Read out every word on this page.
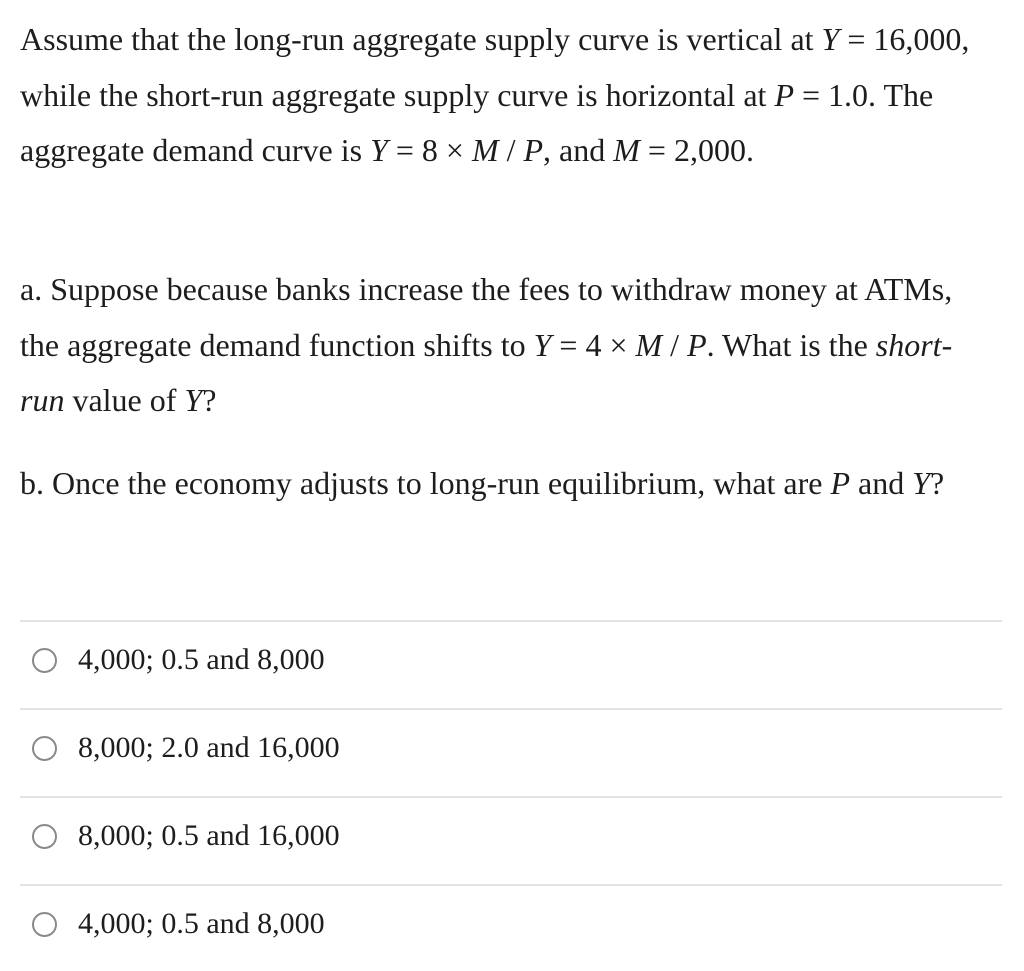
Assume that the long-run aggregate supply curve is vertical at Y = 16,000, while the short-run aggregate supply curve is horizontal at P = 1.0. The aggregate demand curve is Y = 8 × M / P, and M = 2,000.

a. Suppose because banks increase the fees to withdraw money at ATMs, the aggregate demand function shifts to Y = 4 × M / P. What is the short-run value of Y?

b. Once the economy adjusts to long-run equilibrium, what are P and Y?

4,000; 0.5 and 8,000
8,000; 2.0 and 16,000
8,000; 0.5 and 16,000
4,000; 0.5 and 8,000
